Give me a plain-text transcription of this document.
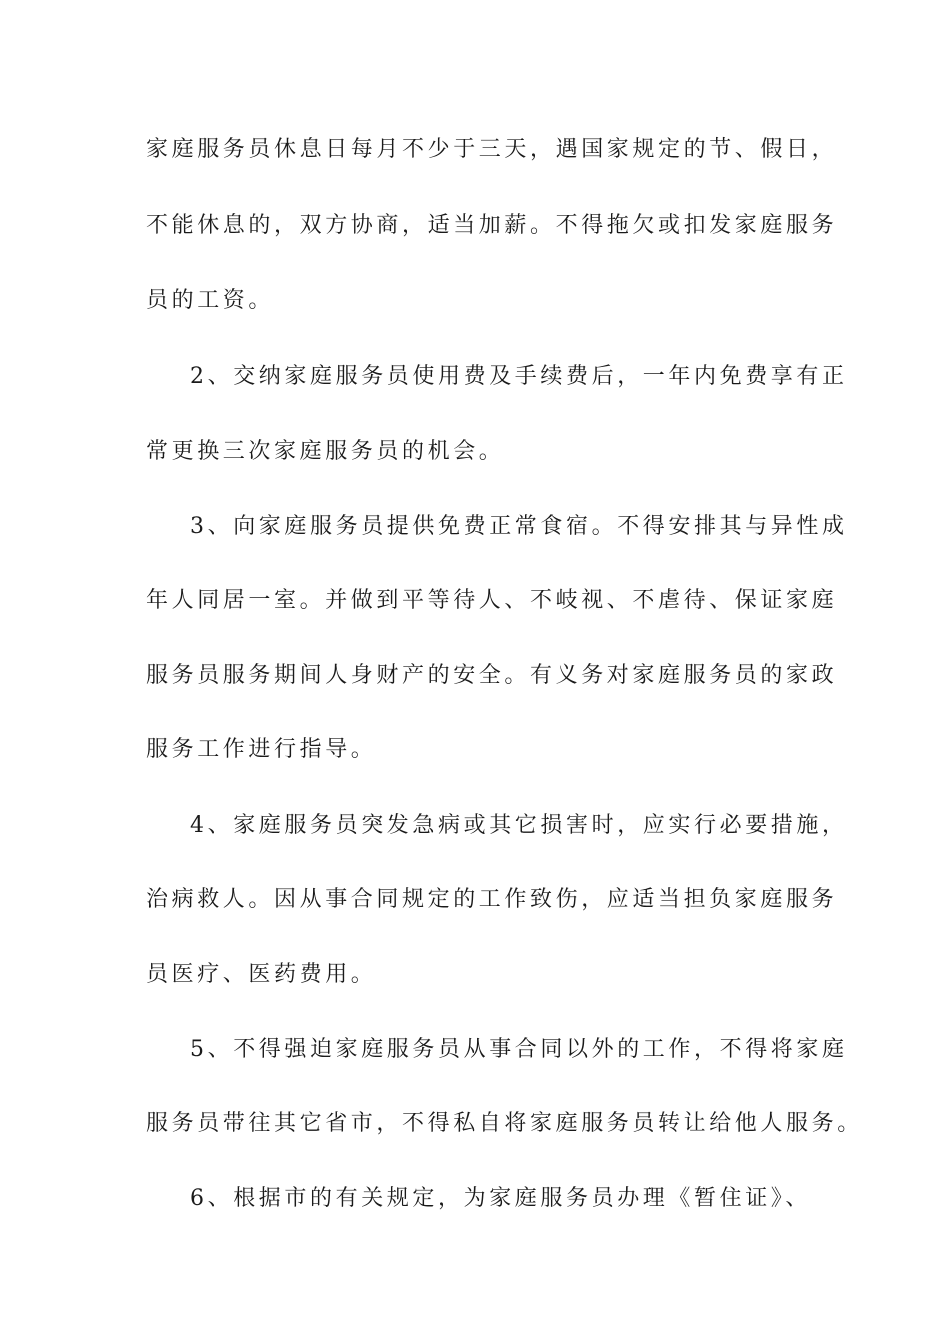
家庭服务员休息日每月不少于三天，遇国家规定的节、假日，
不能休息的，双方协商，适当加薪。不得拖欠或扣发家庭服务
员的工资。
2、交纳家庭服务员使用费及手续费后，一年内免费享有正
常更换三次家庭服务员的机会。
3、向家庭服务员提供免费正常食宿。不得安排其与异性成
年人同居一室。并做到平等待人、不岐视、不虐待、保证家庭
服务员服务期间人身财产的安全。有义务对家庭服务员的家政
服务工作进行指导。
4、家庭服务员突发急病或其它损害时，应实行必要措施，
治病救人。因从事合同规定的工作致伤，应适当担负家庭服务
员医疗、医药费用。
5、不得强迫家庭服务员从事合同以外的工作，不得将家庭
服务员带往其它省市，不得私自将家庭服务员转让给他人服务。
6、根据市的有关规定，为家庭服务员办理《暂住证》、
